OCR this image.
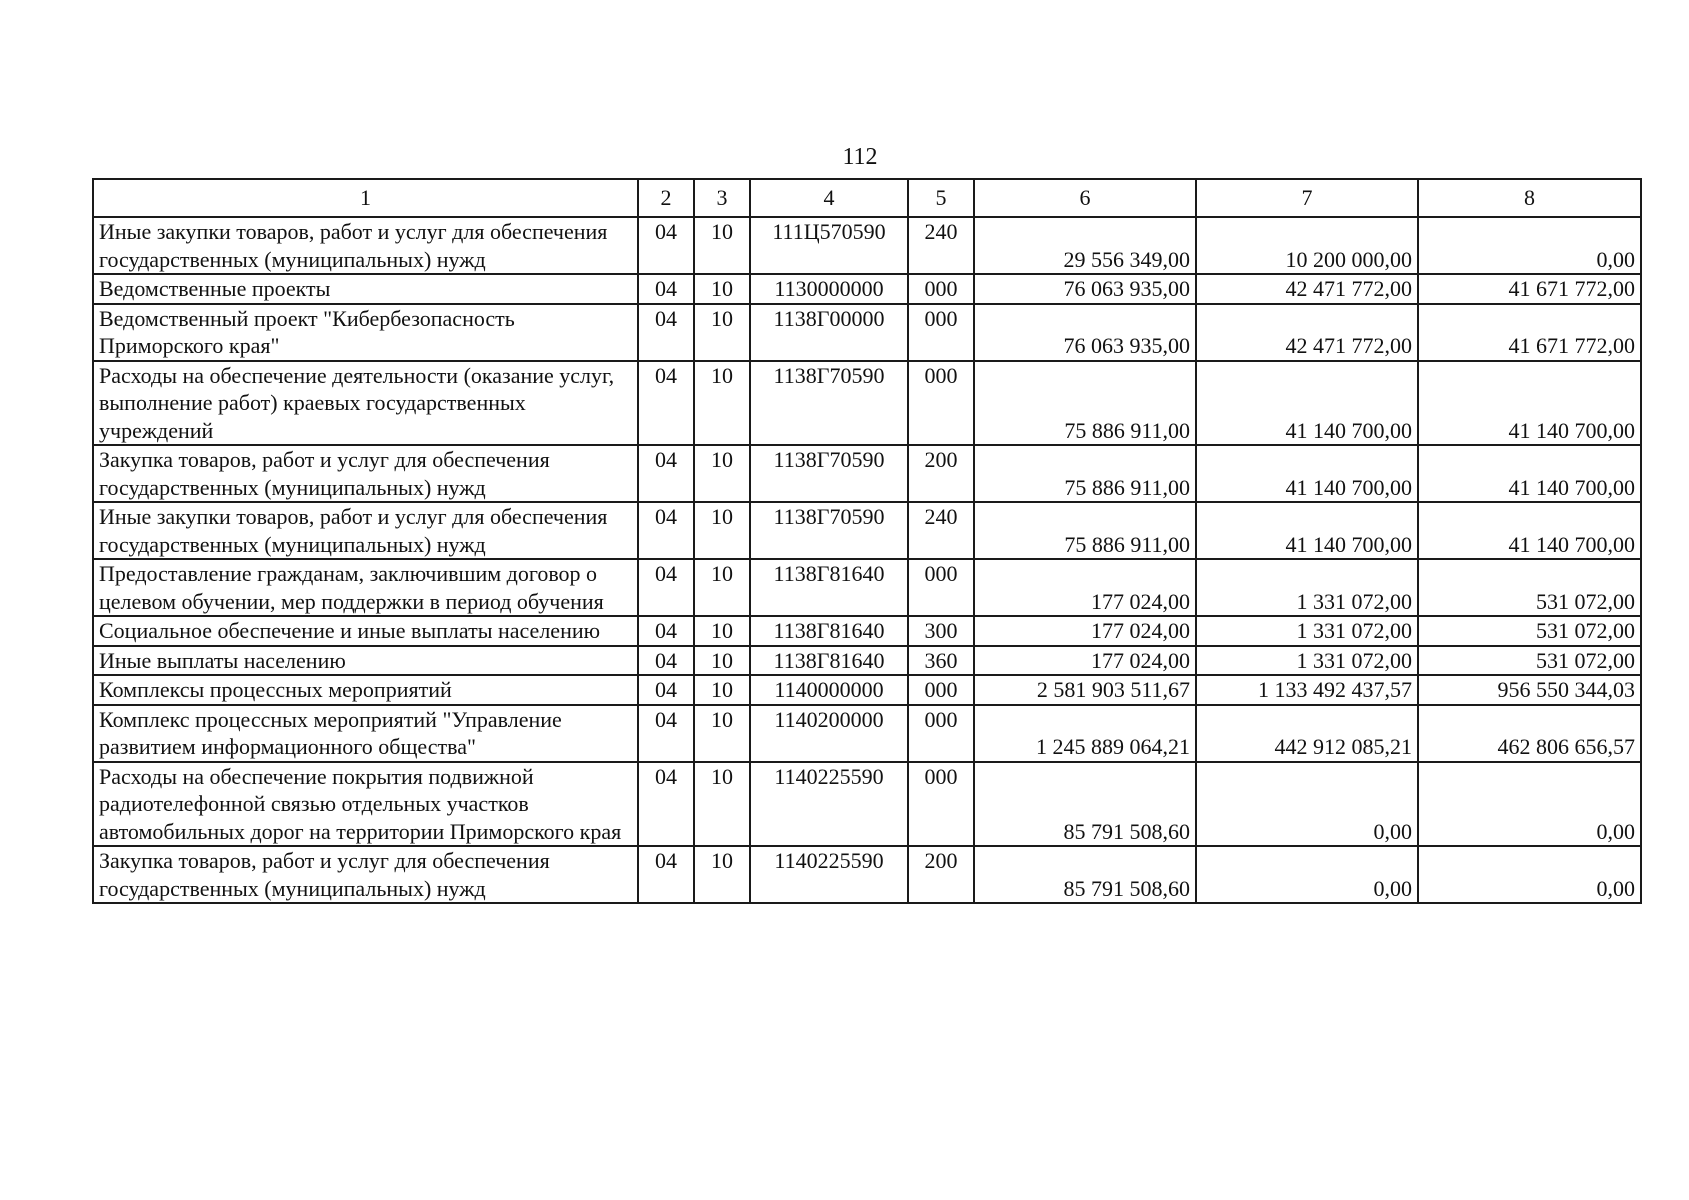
112
1	2	3	4	5	6	7	8
Иные закупки товаров, работ и услуг для обеспечения государственных (муниципальных) нужд	04	10	111Ц570590	240	29 556 349,00	10 200 000,00	0,00
Ведомственные проекты	04	10	1130000000	000	76 063 935,00	42 471 772,00	41 671 772,00
Ведомственный проект "Кибербезопасность Приморского края"	04	10	1138Г00000	000	76 063 935,00	42 471 772,00	41 671 772,00
Расходы на обеспечение деятельности (оказание услуг, выполнение работ) краевых государственных учреждений	04	10	1138Г70590	000	75 886 911,00	41 140 700,00	41 140 700,00
Закупка товаров, работ и услуг для обеспечения государственных (муниципальных) нужд	04	10	1138Г70590	200	75 886 911,00	41 140 700,00	41 140 700,00
Иные закупки товаров, работ и услуг для обеспечения государственных (муниципальных) нужд	04	10	1138Г70590	240	75 886 911,00	41 140 700,00	41 140 700,00
Предоставление гражданам, заключившим договор о целевом обучении, мер поддержки в период обучения	04	10	1138Г81640	000	177 024,00	1 331 072,00	531 072,00
Социальное обеспечение и иные выплаты населению	04	10	1138Г81640	300	177 024,00	1 331 072,00	531 072,00
Иные выплаты населению	04	10	1138Г81640	360	177 024,00	1 331 072,00	531 072,00
Комплексы процессных мероприятий	04	10	1140000000	000	2 581 903 511,67	1 133 492 437,57	956 550 344,03
Комплекс процессных мероприятий "Управление развитием информационного общества"	04	10	1140200000	000	1 245 889 064,21	442 912 085,21	462 806 656,57
Расходы на обеспечение покрытия подвижной радиотелефонной связью отдельных участков автомобильных дорог на территории Приморского края	04	10	1140225590	000	85 791 508,60	0,00	0,00
Закупка товаров, работ и услуг для обеспечения государственных (муниципальных) нужд	04	10	1140225590	200	85 791 508,60	0,00	0,00
